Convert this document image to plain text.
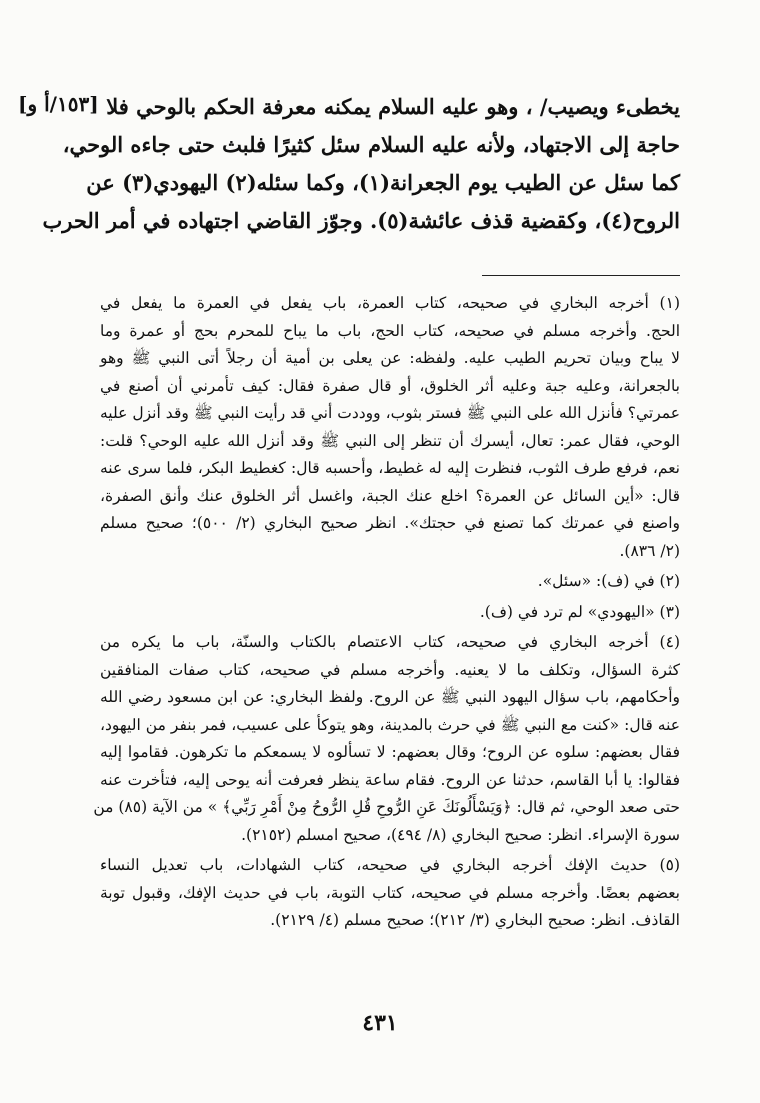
[١٥٣/أ و] يخطىء ويصيب/ ، وهو عليه السلام يمكنه معرفة الحكم بالوحي فلا
حاجة إلى الاجتهاد، ولأنه عليه السلام سئل كثيرًا فلبث حتى جاءه الوحي،
كما سئل عن الطيب يوم الجعرانة(١)، وكما سئله(٢) اليهودي(٣) عن
الروح(٤)، وكقضية قذف عائشة(٥). وجوّز القاضي اجتهاده في أمر الحرب
(١) أخرجه البخاري في صحيحه، كتاب العمرة، باب يفعل في العمرة ما يفعل في
الحج. وأخرجه مسلم في صحيحه، كتاب الحج، باب ما يباح للمحرم بحج أو عمرة وما
لا يباح وبيان تحريم الطيب عليه. ولفظه: عن يعلى بن أمية أن رجلاً أتى النبي ﷺ وهو
بالجعرانة، وعليه جبة وعليه أثر الخلوق، أو قال صفرة فقال: كيف تأمرني أن أصنع في
عمرتي؟ فأنزل الله على النبي ﷺ فستر بثوب، ووددت أني قد رأيت النبي ﷺ وقد أنزل عليه
الوحي، فقال عمر: تعال، أيسرك أن تنظر إلى النبي ﷺ وقد أنزل الله عليه الوحي؟ قلت:
نعم، فرفع طرف الثوب، فنظرت إليه له غطيط، وأحسبه قال: كغطيط البكر، فلما سرى عنه
قال: «أين السائل عن العمرة؟ اخلع عنك الجبة، واغسل أثر الخلوق عنك وأنق الصفرة،
واصنع في عمرتك كما تصنع في حجتك». انظر صحيح البخاري (٢/ ٥٠٠)؛ صحيح مسلم
(٢/ ٨٣٦).
(٢) في (ف): «سئل».
(٣) «اليهودي» لم ترد في (ف).
(٤) أخرجه البخاري في صحيحه، كتاب الاعتصام بالكتاب والسنّة، باب ما يكره من
كثرة السؤال، وتكلف ما لا يعنيه. وأخرجه مسلم في صحيحه، كتاب صفات المنافقين
وأحكامهم، باب سؤال اليهود النبي ﷺ عن الروح. ولفظ البخاري: عن ابن مسعود رضي الله
عنه قال: «كنت مع النبي ﷺ في حرث بالمدينة، وهو يتوكأ على عسيب، فمر بنفر من اليهود،
فقال بعضهم: سلوه عن الروح؛ وقال بعضهم: لا تسألوه لا يسمعكم ما تكرهون. فقاموا إليه
فقالوا: يا أبا القاسم، حدثنا عن الروح. فقام ساعة ينظر فعرفت أنه يوحى إليه، فتأخرت عنه
حتى صعد الوحي، ثم قال: ﴿وَيَسْأَلُونَكَ عَنِ الرُّوحِ قُلِ الرُّوحُ مِنْ أَمْرِ رَبِّي﴾ » من الآية (٨٥) من
سورة الإسراء. انظر: صحيح البخاري (٨/ ٤٩٤)، صحيح امسلم (٢١٥٢).
(٥) حديث الإفك أخرجه البخاري في صحيحه، كتاب الشهادات، باب تعديل النساء
بعضهم بعضًا. وأخرجه مسلم في صحيحه، كتاب التوبة، باب في حديث الإفك، وقبول توبة
القاذف. انظر: صحيح البخاري (٣/ ٢١٢)؛ صحيح مسلم (٤/ ٢١٢٩).
٤٣١
